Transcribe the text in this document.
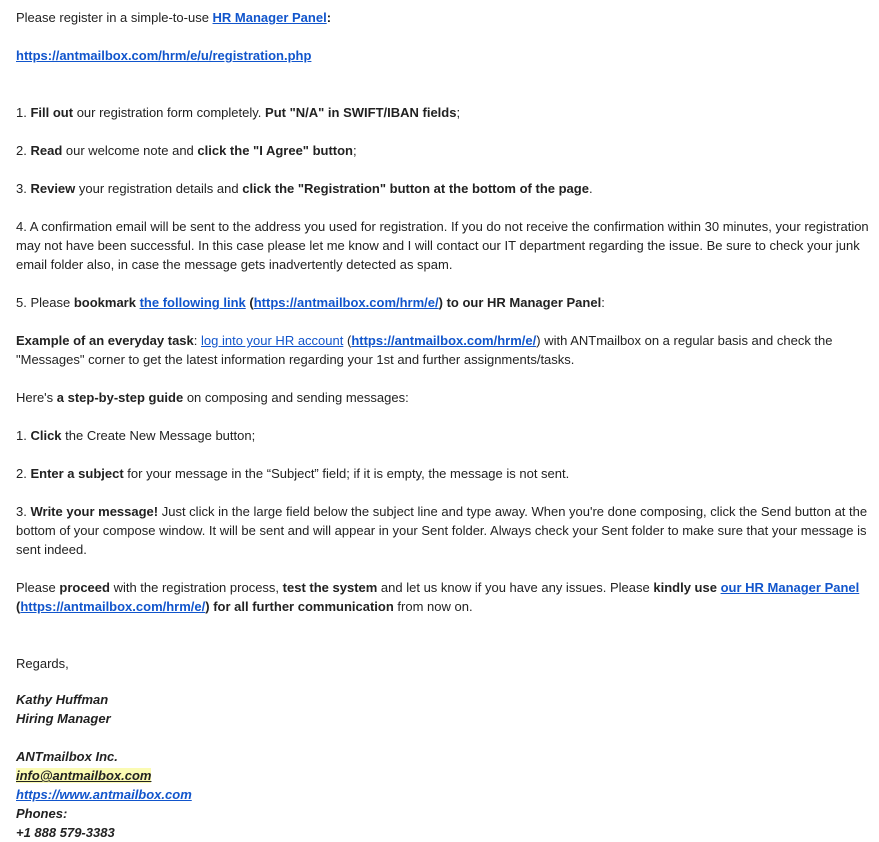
Please register in a simple-to-use HR Manager Panel:

https://antmailbox.com/hrm/e/u/registration.php

1. Fill out our registration form completely. Put "N/A" in SWIFT/IBAN fields;

2. Read our welcome note and click the "I Agree" button;

3. Review your registration details and click the "Registration" button at the bottom of the page.

4. A confirmation email will be sent to the address you used for registration. If you do not receive the confirmation within 30 minutes, your registration may not have been successful. In this case please let me know and I will contact our IT department regarding the issue. Be sure to check your junk email folder also, in case the message gets inadvertently detected as spam.

5. Please bookmark the following link (https://antmailbox.com/hrm/e/) to our HR Manager Panel:

Example of an everyday task: log into your HR account (https://antmailbox.com/hrm/e/) with ANTmailbox on a regular basis and check the "Messages" corner to get the latest information regarding your 1st and further assignments/tasks.

Here's a step-by-step guide on composing and sending messages:

1. Click the Create New Message button;

2. Enter a subject for your message in the “Subject” field; if it is empty, the message is not sent.

3. Write your message! Just click in the large field below the subject line and type away. When you're done composing, click the Send button at the bottom of your compose window. It will be sent and will appear in your Sent folder. Always check your Sent folder to make sure that your message is sent indeed.

Please proceed with the registration process, test the system and let us know if you have any issues. Please kindly use our HR Manager Panel (https://antmailbox.com/hrm/e/) for all further communication from now on.

Regards,

Kathy Huffman

Hiring Manager

ANTmailbox Inc.

info@antmailbox.com

https://www.antmailbox.com

Phones:

+1 888 579-3383
